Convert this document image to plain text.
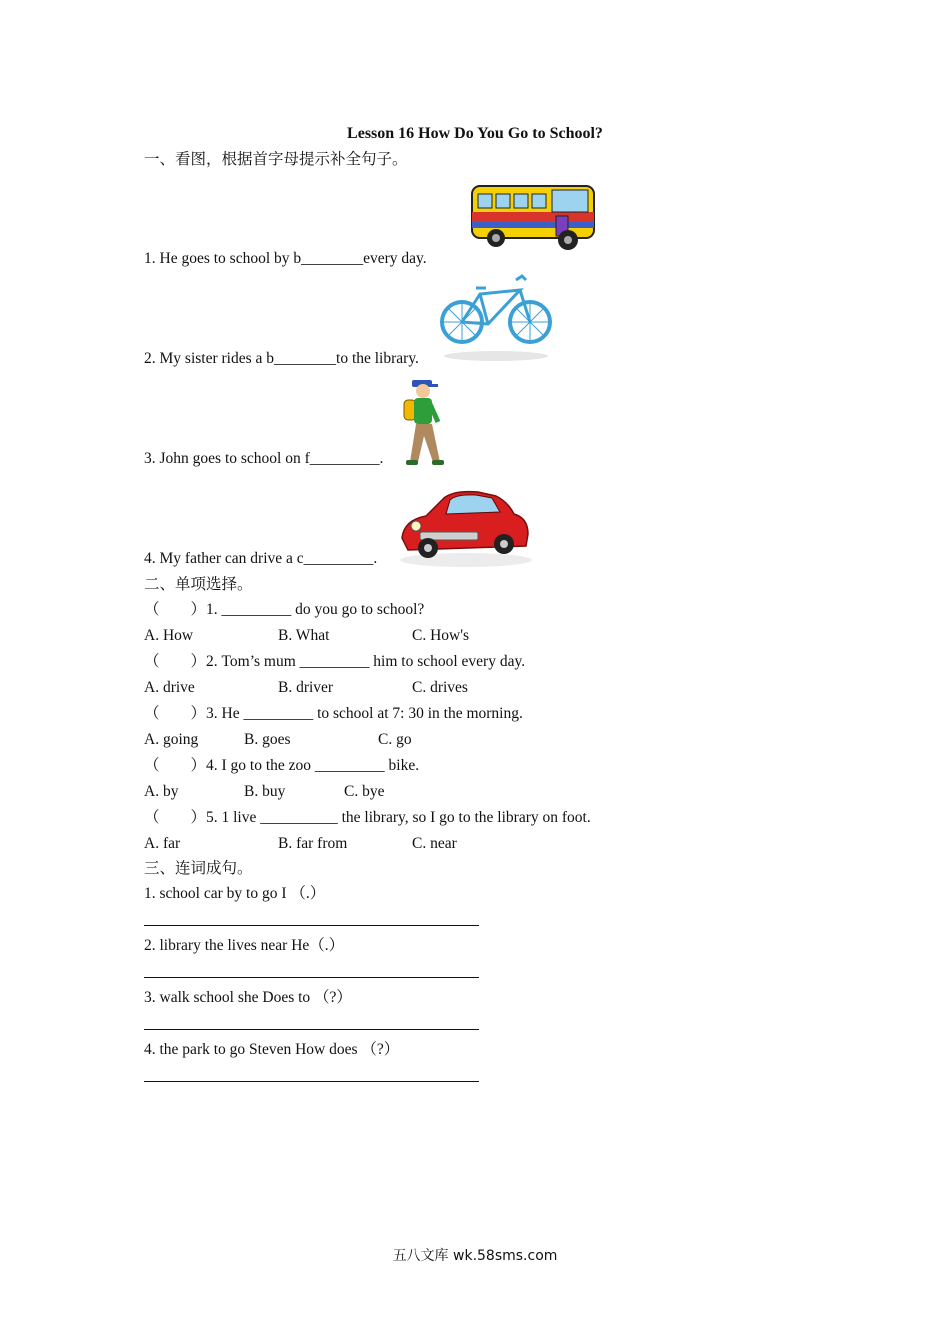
Lesson 16 How Do You Go to School?
一、看图，根据首字母提示补全句子。
1. He goes to school by b________every day.
2. My sister rides a b________to the library.
3. John goes to school on f_________.
4. My father can drive a c_________.
二、单项选择。
（　　）1. _________ do you go to school?
A. How	B. What	C. How's
（　　）2. Tom’s mum _________ him to school every day.
A. drive	B. driver	C. drives
（　　）3. He _________ to school at 7: 30 in the morning.
A. going	B. goes	C. go
（　　）4. I go to the zoo _________ bike.
A. by	B. buy	C. bye
（　　）5. 1 live __________ the library, so I go to the library on foot.
A. far	B. far from	C. near
三、连词成句。
1. school car by to go I （.）
2. library the lives near He（.）
3. walk school she Does to （?）
4. the park to go Steven How does （?）
五八文库 wk.58sms.com
